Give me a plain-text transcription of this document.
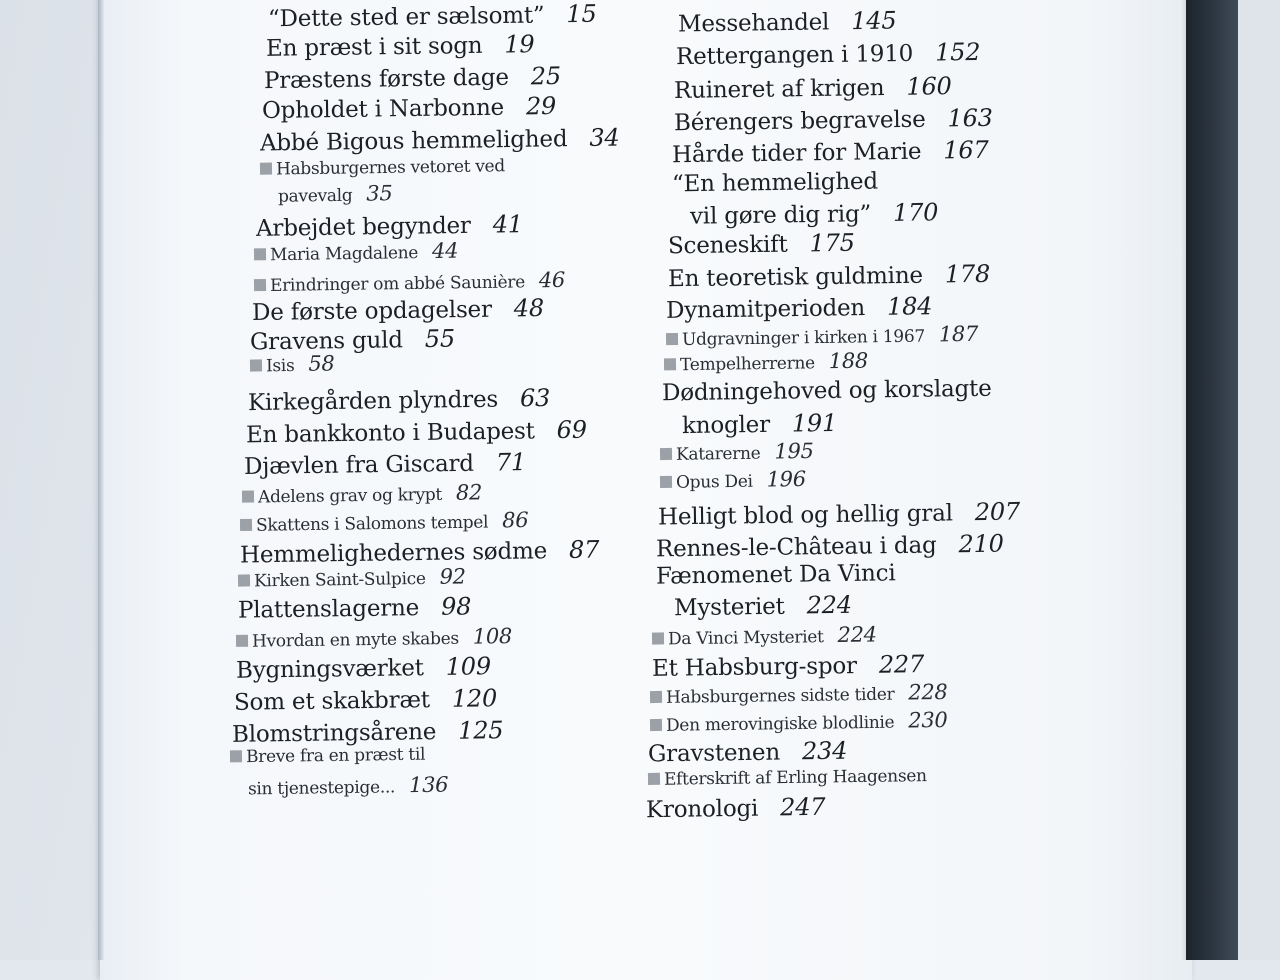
“Dette sted er sælsomt” 15
En præst i sit sogn 19
Præstens første dage 25
Opholdet i Narbonne 29
Abbé Bigous hemmelighed 34
Habsburgernes vetoret ved
pavevalg 35
Arbejdet begynder 41
Maria Magdalene 44
Erindringer om abbé Saunière 46
De første opdagelser 48
Gravens guld 55
Isis 58
Kirkegården plyndres 63
En bankkonto i Budapest 69
Djævlen fra Giscard 71
Adelens grav og krypt 82
Skattens i Salomons tempel 86
Hemmelighedernes sødme 87
Kirken Saint-Sulpice 92
Plattenslagerne 98
Hvordan en myte skabes 108
Bygningsværket 109
Som et skakbræt 120
Blomstringsårene 125
Breve fra en præst til
sin tjenestepige... 136
Messehandel 145
Rettergangen i 1910 152
Ruineret af krigen 160
Bérengers begravelse 163
Hårde tider for Marie 167
“En hemmelighed
vil gøre dig rig” 170
Sceneskift 175
En teoretisk guldmine 178
Dynamitperioden 184
Udgravninger i kirken i 1967 187
Tempelherrerne 188
Dødningehoved og korslagte
knogler 191
Katarerne 195
Opus Dei 196
Helligt blod og hellig gral 207
Rennes-le-Château i dag 210
Fænomenet Da Vinci
Mysteriet 224
Da Vinci Mysteriet 224
Et Habsburg-spor 227
Habsburgernes sidste tider 228
Den merovingiske blodlinie 230
Gravstenen 234
Efterskrift af Erling Haagensen
Kronologi 247
